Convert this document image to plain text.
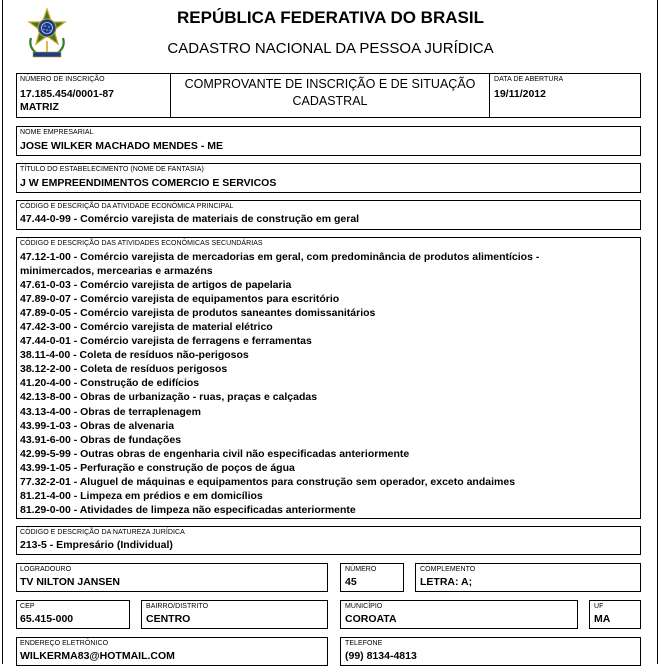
REPÚBLICA FEDERATIVA DO BRASIL
CADASTRO NACIONAL DA PESSOA JURÍDICA
NÚMERO DE INSCRIÇÃO
17.185.454/0001-87
MATRIZ
COMPROVANTE DE INSCRIÇÃO E DE SITUAÇÃO
CADASTRAL
DATA DE ABERTURA
19/11/2012
NOME EMPRESARIAL
JOSE WILKER MACHADO MENDES - ME
TÍTULO DO ESTABELECIMENTO (NOME DE FANTASIA)
J W EMPREENDIMENTOS COMERCIO E SERVICOS
CÓDIGO E DESCRIÇÃO DA ATIVIDADE ECONÔMICA PRINCIPAL
47.44-0-99 - Comércio varejista de materiais de construção em geral
CÓDIGO E DESCRIÇÃO DAS ATIVIDADES ECONÔMICAS SECUNDÁRIAS
47.12-1-00 - Comércio varejista de mercadorias em geral, com predominância de produtos alimentícios -
minimercados, mercearias e armazéns
47.61-0-03 - Comércio varejista de artigos de papelaria
47.89-0-07 - Comércio varejista de equipamentos para escritório
47.89-0-05 - Comércio varejista de produtos saneantes domissanitários
47.42-3-00 - Comércio varejista de material elétrico
47.44-0-01 - Comércio varejista de ferragens e ferramentas
38.11-4-00 - Coleta de resíduos não-perigosos
38.12-2-00 - Coleta de resíduos perigosos
41.20-4-00 - Construção de edifícios
42.13-8-00 - Obras de urbanização - ruas, praças e calçadas
43.13-4-00 - Obras de terraplenagem
43.99-1-03 - Obras de alvenaria
43.91-6-00 - Obras de fundações
42.99-5-99 - Outras obras de engenharia civil não especificadas anteriormente
43.99-1-05 - Perfuração e construção de poços de água
77.32-2-01 - Aluguel de máquinas e equipamentos para construção sem operador, exceto andaimes
81.21-4-00 - Limpeza em prédios e em domicílios
81.29-0-00 - Atividades de limpeza não especificadas anteriormente
CÓDIGO E DESCRIÇÃO DA NATUREZA JURÍDICA
213-5 - Empresário (Individual)
LOGRADOURO
TV NILTON JANSEN
NÚMERO
45
COMPLEMENTO
LETRA: A;
CEP
65.415-000
BAIRRO/DISTRITO
CENTRO
MUNICÍPIO
COROATA
UF
MA
ENDEREÇO ELETRÔNICO
WILKERMA83@HOTMAIL.COM
TELEFONE
(99) 8134-4813
